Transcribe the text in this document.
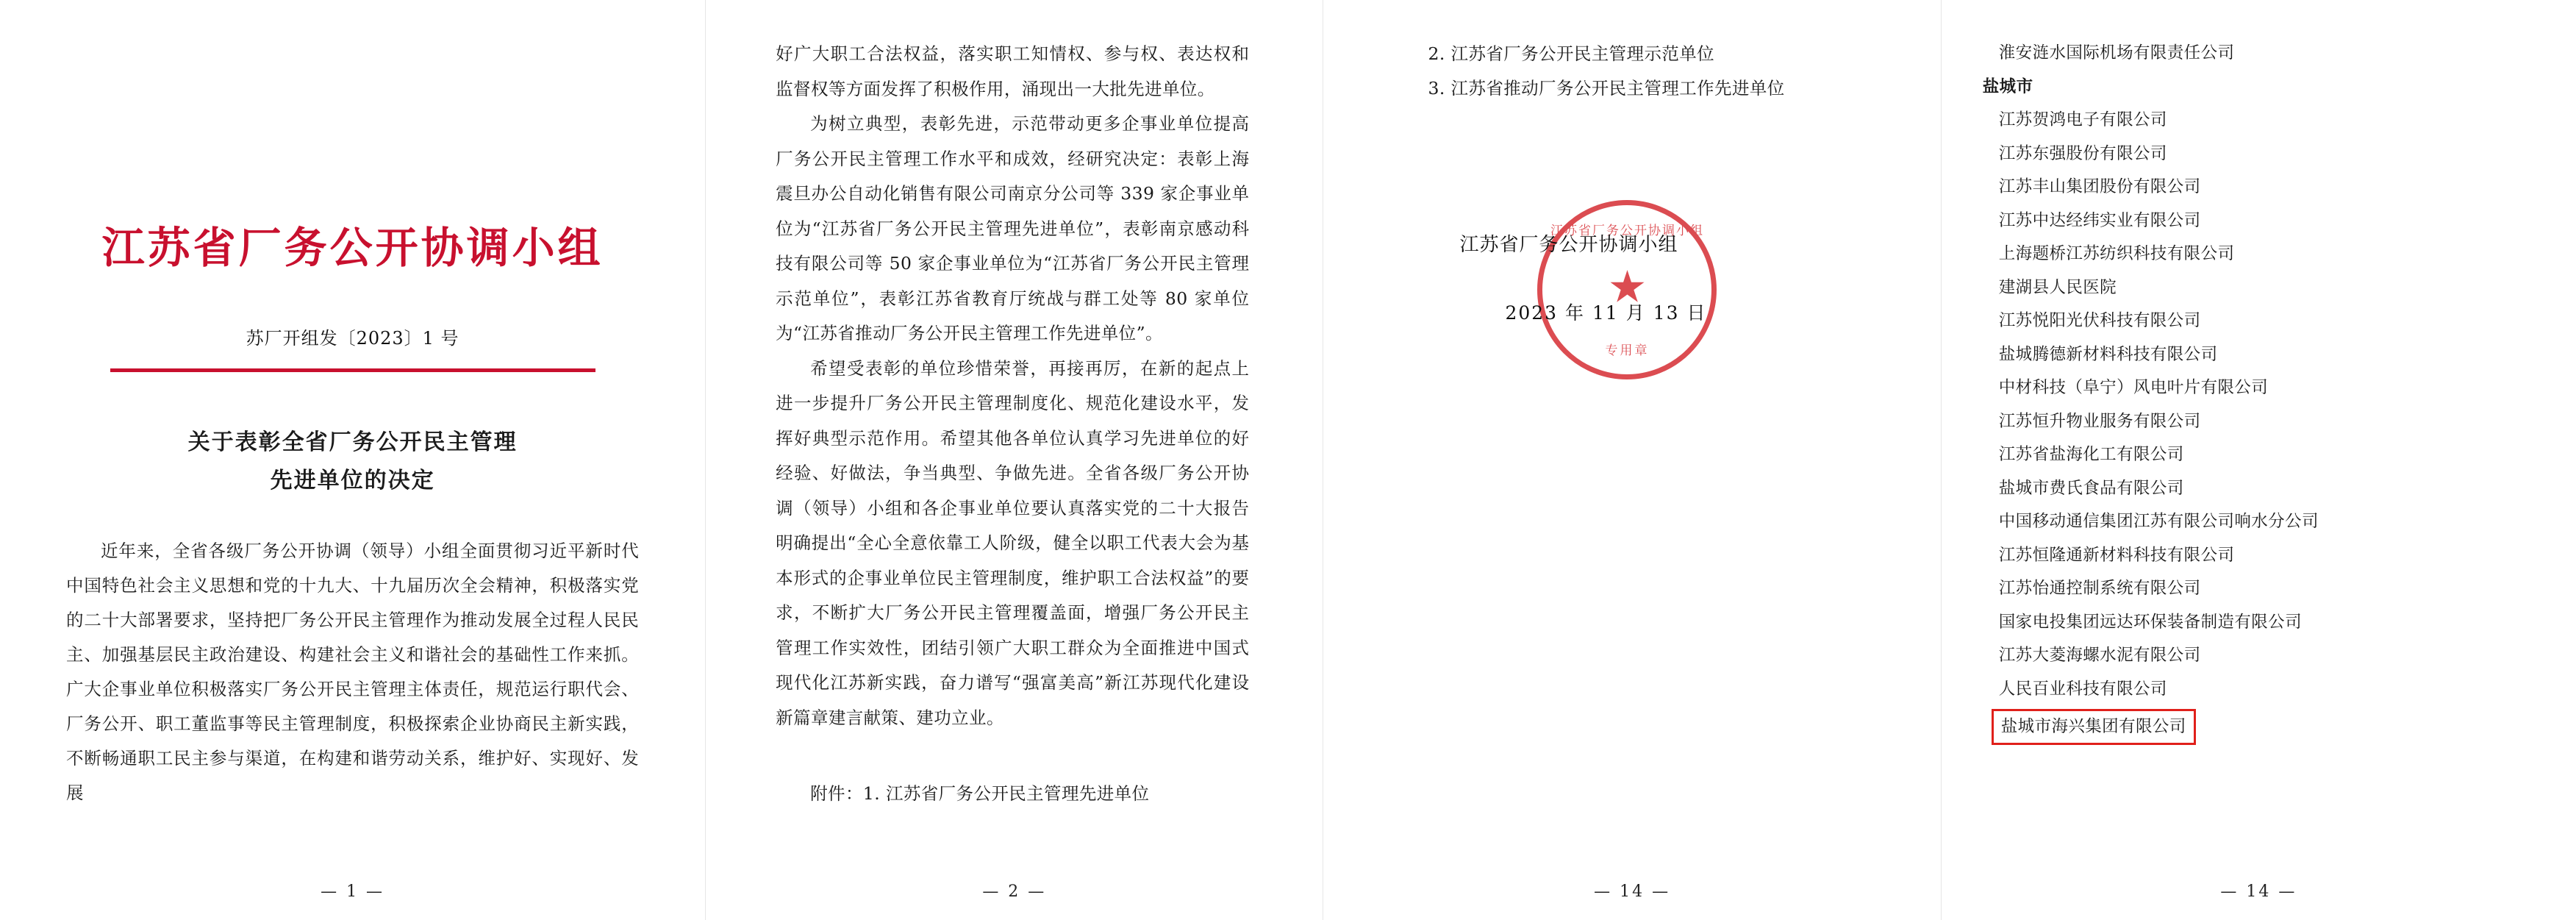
江苏省厂务公开协调小组
苏厂开组发〔2023〕1 号
关于表彰全省厂务公开民主管理
先进单位的决定

近年来，全省各级厂务公开协调（领导）小组全面贯彻习近平新时代中国特色社会主义思想和党的十九大、十九届历次全会精神，积极落实党的二十大部署要求，坚持把厂务公开民主管理作为推动发展全过程人民民主、加强基层民主政治建设、构建社会主义和谐社会的基础性工作来抓。广大企事业单位积极落实厂务公开民主管理主体责任，规范运行职代会、厂务公开、职工董监事等民主管理制度，积极探索企业协商民主新实践，不断畅通职工民主参与渠道，在构建和谐劳动关系，维护好、实现好、发展

— 1 —

好广大职工合法权益，落实职工知情权、参与权、表达权和监督权等方面发挥了积极作用，涌现出一大批先进单位。

为树立典型，表彰先进，示范带动更多企事业单位提高厂务公开民主管理工作水平和成效，经研究决定：表彰上海震旦办公自动化销售有限公司南京分公司等 339 家企事业单位为“江苏省厂务公开民主管理先进单位”，表彰南京感动科技有限公司等 50 家企事业单位为“江苏省厂务公开民主管理示范单位”，表彰江苏省教育厅统战与群工处等 80 家单位为“江苏省推动厂务公开民主管理工作先进单位”。

希望受表彰的单位珍惜荣誉，再接再厉，在新的起点上进一步提升厂务公开民主管理制度化、规范化建设水平，发挥好典型示范作用。希望其他各单位认真学习先进单位的好经验、好做法，争当典型、争做先进。全省各级厂务公开协调（领导）小组和各企事业单位要认真落实党的二十大报告明确提出“全心全意依靠工人阶级，健全以职工代表大会为基本形式的企事业单位民主管理制度，维护职工合法权益”的要求，不断扩大厂务公开民主管理覆盖面，增强厂务公开民主管理工作实效性，团结引领广大职工群众为全面推进中国式现代化江苏新实践，奋力谱写“强富美高”新江苏现代化建设新篇章建言献策、建功立业。

附件：1. 江苏省厂务公开民主管理先进单位
— 2 —
2. 江苏省厂务公开民主管理示范单位
3. 江苏省推动厂务公开民主管理工作先进单位
江苏省厂务公开协调小组
2023 年 11 月 13 日
江苏省厂务公开协调小组
★
专用章
— 14 —
淮安涟水国际机场有限责任公司
盐城市
江苏贺鸿电子有限公司
江苏东强股份有限公司
江苏丰山集团股份有限公司
江苏中达经纬实业有限公司
上海题桥江苏纺织科技有限公司
建湖县人民医院
江苏悦阳光伏科技有限公司
盐城腾德新材料科技有限公司
中材科技（阜宁）风电叶片有限公司
江苏恒升物业服务有限公司
江苏省盐海化工有限公司
盐城市费氏食品有限公司
中国移动通信集团江苏有限公司响水分公司
江苏恒隆通新材料科技有限公司
江苏怡通控制系统有限公司
国家电投集团远达环保装备制造有限公司
江苏大菱海螺水泥有限公司
人民百业科技有限公司
盐城市海兴集团有限公司
— 14 —
